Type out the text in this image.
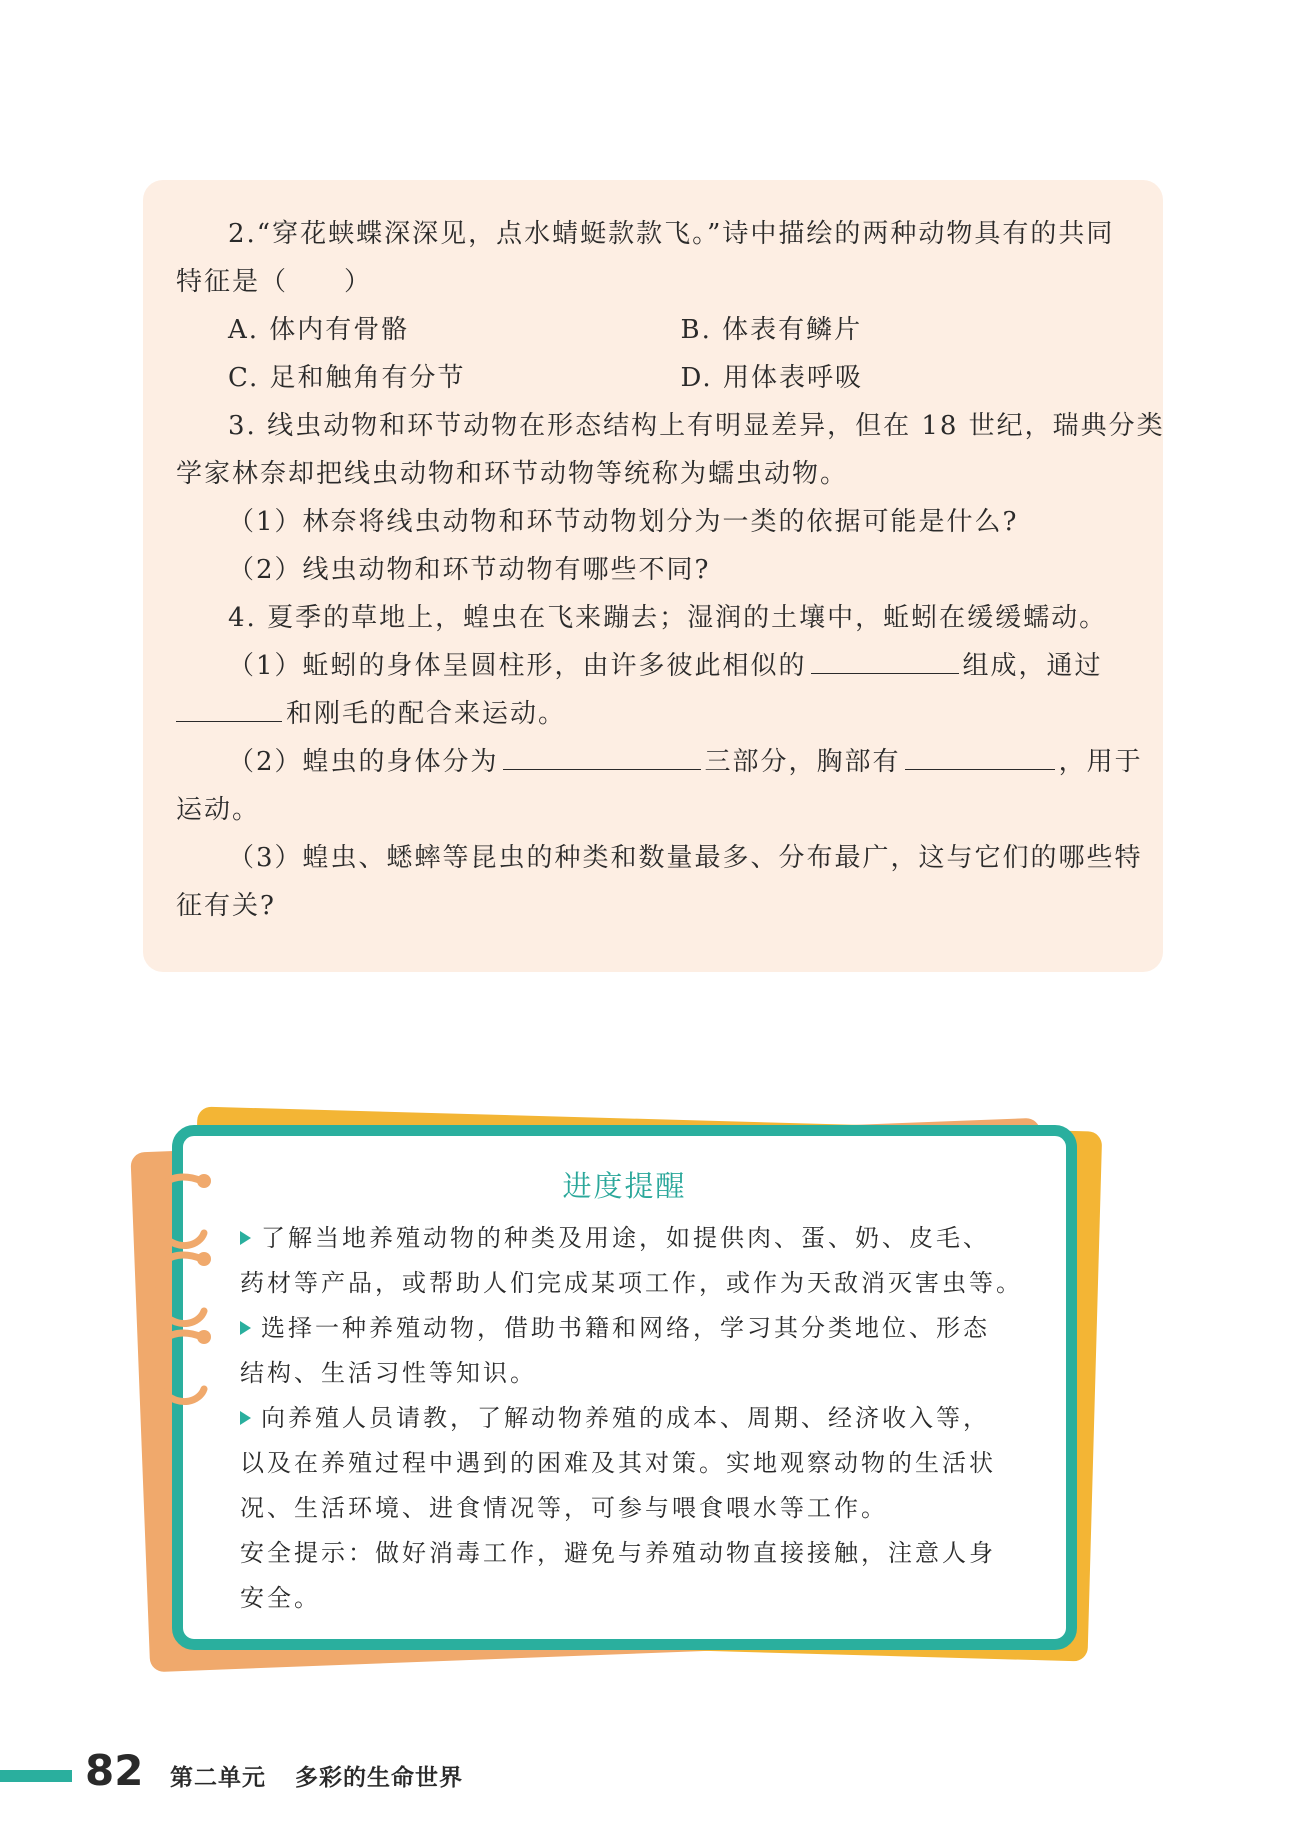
2.“穿花蛱蝶深深见，点水蜻蜓款款飞。”诗中描绘的两种动物具有的共同
特征是（　　）
A. 体内有骨骼	B. 体表有鳞片
C. 足和触角有分节	D. 用体表呼吸
3. 线虫动物和环节动物在形态结构上有明显差异，但在 18 世纪，瑞典分类
学家林奈却把线虫动物和环节动物等统称为蠕虫动物。
（1）林奈将线虫动物和环节动物划分为一类的依据可能是什么?
（2）线虫动物和环节动物有哪些不同?
4. 夏季的草地上，蝗虫在飞来蹦去；湿润的土壤中，蚯蚓在缓缓蠕动。
（1）蚯蚓的身体呈圆柱形，由许多彼此相似的	组成，通过
和刚毛的配合来运动。
（2）蝗虫的身体分为	三部分，胸部有	，用于
运动。
（3）蝗虫、蟋蟀等昆虫的种类和数量最多、分布最广，这与它们的哪些特
征有关?
进度提醒
了解当地养殖动物的种类及用途，如提供肉、蛋、奶、皮毛、
药材等产品，或帮助人们完成某项工作，或作为天敌消灭害虫等。
选择一种养殖动物，借助书籍和网络，学习其分类地位、形态
结构、生活习性等知识。
向养殖人员请教，了解动物养殖的成本、周期、经济收入等，
以及在养殖过程中遇到的困难及其对策。实地观察动物的生活状
况、生活环境、进食情况等，可参与喂食喂水等工作。
安全提示：做好消毒工作，避免与养殖动物直接接触，注意人身
安全。
82 第二单元 多彩的生命世界
